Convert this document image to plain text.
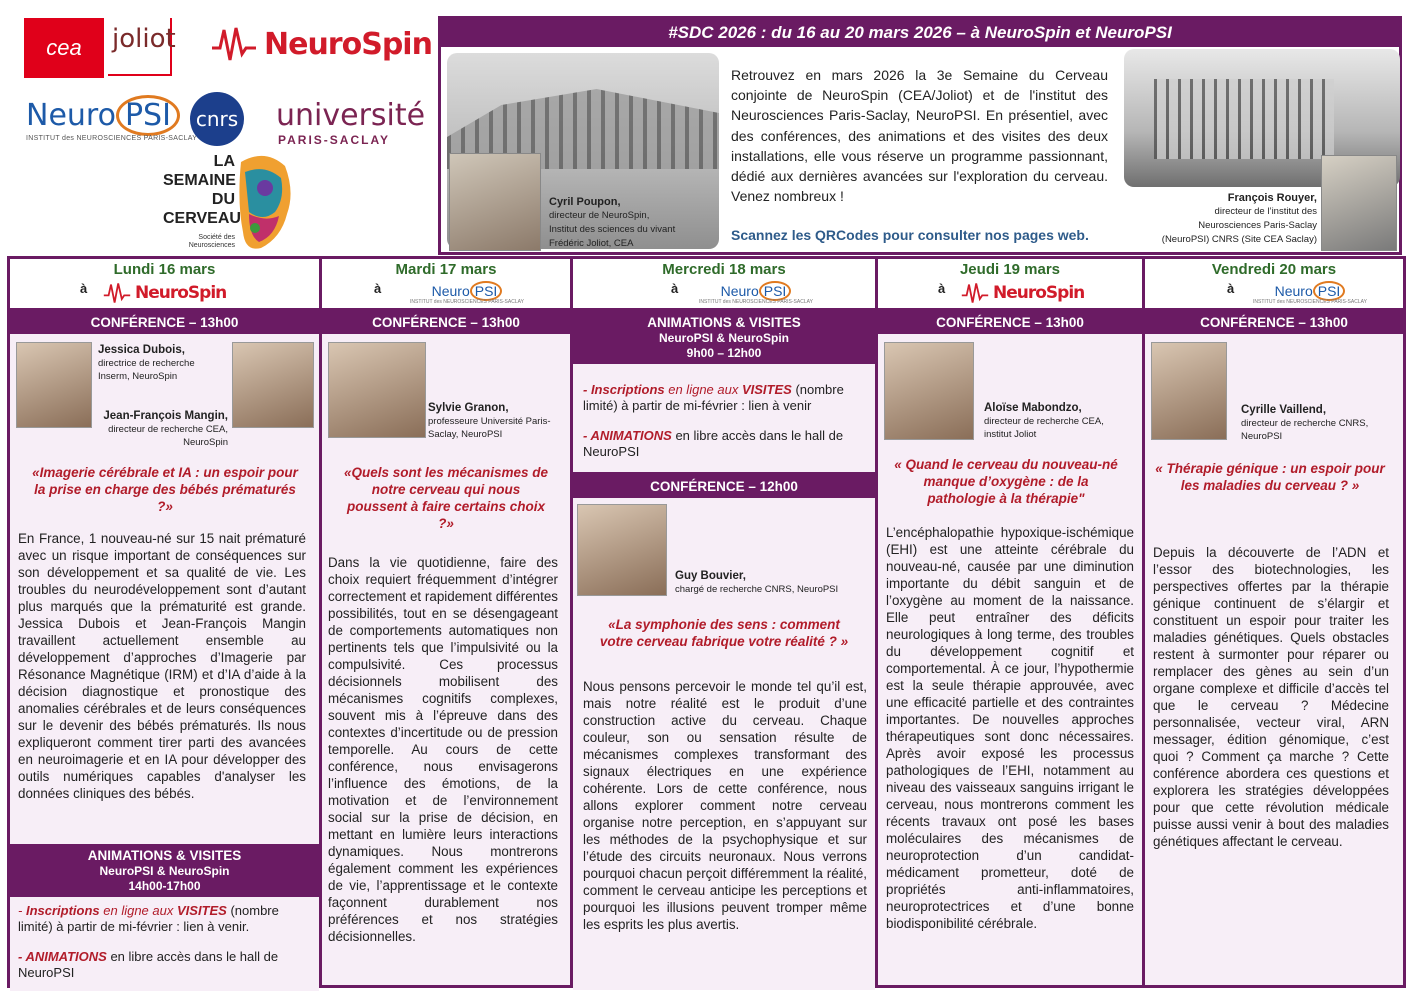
cea joliot	NeuroSpin
Neuro PSI
INSTITUT des NEUROSCIENCES PARIS-SACLAY
cnrs université
PARIS-SACLAY
LA
SEMAINE
DU
CERVEAU
Société des Neurosciences
#SDC 2026 : du 16 au 20 mars 2026 – à NeuroSpin et NeuroPSI
Cyril Poupon,
directeur de NeuroSpin,
Institut des sciences du vivant
Frédéric Joliot, CEA
Retrouvez en mars 2026 la 3e Semaine du Cerveau conjointe de NeuroSpin (CEA/Joliot) et de l'institut des Neurosciences Paris-Saclay, NeuroPSI. En présentiel, avec des conférences, des animations et des visites des deux installations, elle vous réserve un programme passionnant, dédié aux dernières avancées sur l'exploration du cerveau. Venez nombreux !
Scannez les QRCodes pour consulter nos pages web.
François Rouyer,
directeur de l’institut des
Neurosciences Paris-Saclay
(NeuroPSI) CNRS (Site CEA Saclay)
Lundi 16 mars
à	NeuroSpin
CONFÉRENCE – 13h00
Jessica Dubois,
directrice de recherche
Inserm, NeuroSpin
Jean-François Mangin,
directeur de recherche CEA,
NeuroSpin
«Imagerie cérébrale et IA : un espoir pour la prise en charge des bébés prématurés ?»
En France, 1 nouveau-né sur 15 nait prématuré avec un risque important de conséquences sur son développement et sa qualité de vie. Les troubles du neurodéveloppement sont d’autant plus marqués que la prématurité est grande. Jessica Dubois et Jean-François Mangin travaillent actuellement ensemble au développement d’approches d’Imagerie par Résonance Magnétique (IRM) et d’IA d’aide à la décision diagnostique et pronostique des anomalies cérébrales et de leurs conséquences sur le devenir des bébés prématurés. Ils nous expliqueront comment tirer parti des avancées en neuroimagerie et en IA pour développer des outils numériques capables d'analyser les données cliniques des bébés.
ANIMATIONS & VISITES
NeuroPSI & NeuroSpin
14h00-17h00
- Inscriptions en ligne aux VISITES (nombre limité) à partir de mi-février : lien à venir.
- ANIMATIONS en libre accès dans le hall de NeuroPSI
Mardi 17 mars
à	Neuro PSI
INSTITUT des NEUROSCIENCES PARIS-SACLAY
CONFÉRENCE – 13h00
Sylvie Granon,
professeure Université Paris-
Saclay, NeuroPSI
«Quels sont les mécanismes de notre cerveau qui nous poussent à faire certains choix ?»
Dans la vie quotidienne, faire des choix requiert fréquemment d’intégrer correctement et rapidement différentes possibilités, tout en se désengageant de comportements automatiques non pertinents tels que l’impulsivité ou la compulsivité. Ces processus décisionnels mobilisent des mécanismes cognitifs complexes, souvent mis à l’épreuve dans des contextes d’incertitude ou de pression temporelle. Au cours de cette conférence, nous envisagerons l’influence des émotions, de la motivation et de l’environnement social sur la prise de décision, en mettant en lumière leurs interactions dynamiques. Nous montrerons également comment les expériences de vie, l’apprentissage et le contexte façonnent durablement nos préférences et nos stratégies décisionnelles.
Mercredi 18 mars
à	Neuro PSI
INSTITUT des NEUROSCIENCES PARIS-SACLAY
ANIMATIONS & VISITES
NeuroPSI & NeuroSpin
9h00 – 12h00
- Inscriptions en ligne aux VISITES (nombre limité) à partir de mi-février : lien à venir
- ANIMATIONS en libre accès dans le hall de NeuroPSI
CONFÉRENCE – 12h00
Guy Bouvier,
chargé de recherche CNRS, NeuroPSI
«La symphonie des sens : comment votre cerveau fabrique votre réalité ? »
Nous pensons percevoir le monde tel qu’il est, mais notre réalité est le produit d’une construction active du cerveau. Chaque couleur, son ou sensation résulte de mécanismes complexes transformant des signaux électriques en une expérience cohérente. Lors de cette conférence, nous allons explorer comment notre cerveau organise notre perception, en s’appuyant sur les méthodes de la psychophysique et sur l’étude des circuits neuronaux. Nous verrons pourquoi chacun perçoit différemment la réalité, comment le cerveau anticipe les perceptions et pourquoi les illusions peuvent tromper même les esprits les plus avertis.
Jeudi 19 mars
à	NeuroSpin
CONFÉRENCE – 13h00
Aloïse Mabondzo,
directeur de recherche CEA,
institut Joliot
« Quand le cerveau du nouveau-né manque d’oxygène : de la pathologie à la thérapie"
L’encéphalopathie hypoxique-ischémique (EHI) est une atteinte cérébrale du nouveau-né, causée par une diminution importante du débit sanguin et de l’oxygène au moment de la naissance. Elle peut entraîner des déficits neurologiques à long terme, des troubles du développement cognitif et comportemental. À ce jour, l’hypothermie est la seule thérapie approuvée, avec une efficacité partielle et des contraintes importantes. De nouvelles approches thérapeutiques sont donc nécessaires. Après avoir exposé les processus pathologiques de l’EHI, notamment au niveau des vaisseaux sanguins irrigant le cerveau, nous montrerons comment les récents travaux ont posé les bases moléculaires des mécanismes de neuroprotection d’un candidat-médicament prometteur, doté de propriétés anti-inflammatoires, neuroprotectrices et d’une bonne biodisponibilité cérébrale.
Vendredi 20 mars
à	Neuro PSI
INSTITUT des NEUROSCIENCES PARIS-SACLAY
CONFÉRENCE – 13h00
Cyrille Vaillend,
directeur de recherche CNRS,
NeuroPSI
« Thérapie génique : un espoir pour les maladies du cerveau ? »
Depuis la découverte de l’ADN et l’essor des biotechnologies, les perspectives offertes par la thérapie génique continuent de s’élargir et constituent un espoir pour traiter les maladies génétiques. Quels obstacles restent à surmonter pour réparer ou remplacer des gènes au sein d’un organe complexe et difficile d’accès tel que le cerveau ? Médecine personnalisée, vecteur viral, ARN messager, édition génomique, c’est quoi ? Comment ça marche ? Cette conférence abordera ces questions et explorera les stratégies développées pour que cette révolution médicale puisse aussi venir à bout des maladies génétiques affectant le cerveau.
